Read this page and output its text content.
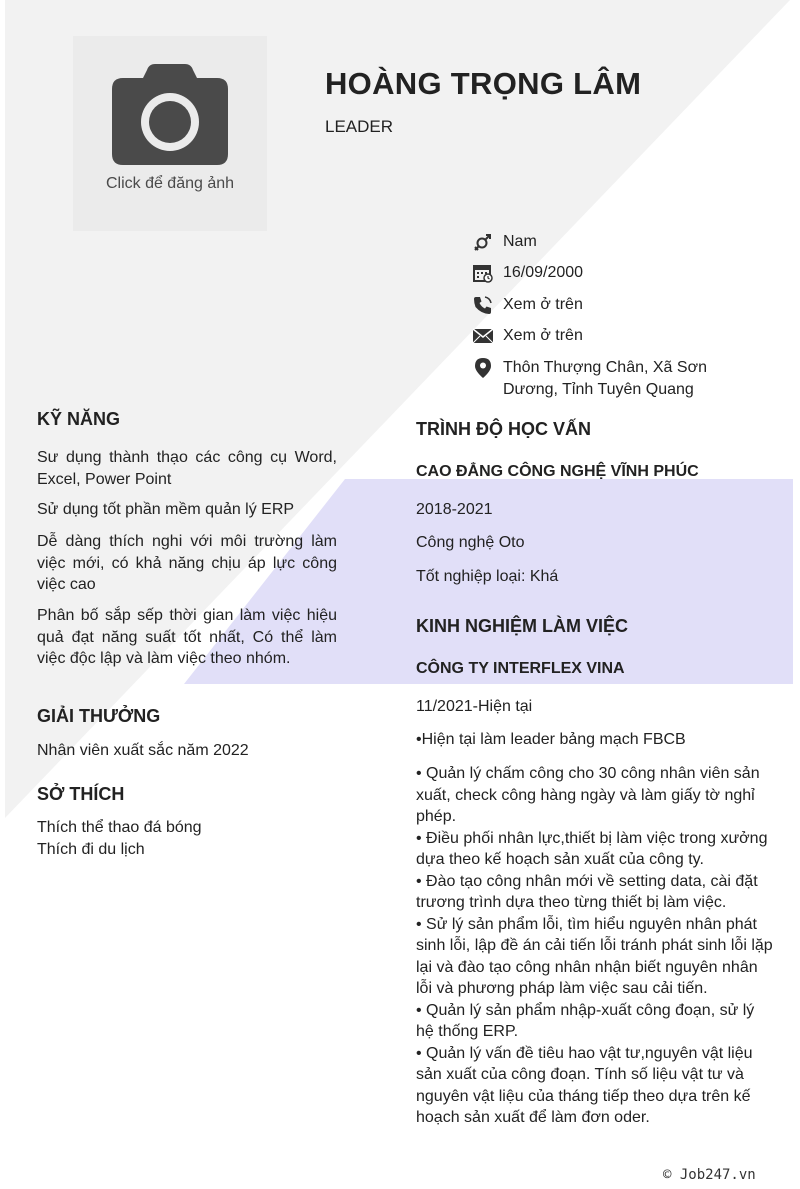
Click để đăng ảnh
HOÀNG TRỌNG LÂM
LEADER
Nam
16/09/2000
Xem ở trên
Xem ở trên
Thôn Thượng Chân, Xã Sơn Dương, Tỉnh Tuyên Quang
KỸ NĂNG
Sư dụng thành thạo các công cụ Word, Excel, Power Point
Sử dụng tốt phần mềm quản lý ERP
Dễ dàng thích nghi với môi trường làm việc mới, có khả năng chịu áp lực công việc cao
Phân bố sắp sếp thời gian làm việc hiệu quả đạt năng suất tốt nhất, Có thể làm việc độc lập và làm việc theo nhóm.
GIẢI THƯỞNG
Nhân viên xuất sắc năm 2022
SỞ THÍCH
Thích thể thao đá bóng
Thích đi du lịch
TRÌNH ĐỘ HỌC VẤN
CAO ĐẲNG CÔNG NGHỆ VĨNH PHÚC
2018-2021
Công nghệ Oto
Tốt nghiệp loại: Khá
KINH NGHIỆM LÀM VIỆC
CÔNG TY INTERFLEX VINA
11/2021-Hiện tại
•Hiện tại làm leader bảng mạch FBCB
• Quản lý chấm công cho 30 công nhân viên sản xuất, check công hàng ngày và làm giấy tờ nghỉ phép.
• Điều phối nhân lực,thiết bị làm việc trong xưởng dựa theo kế hoạch sản xuất của công ty.
• Đào tạo công nhân mới về setting data, cài đặt trương trình dựa theo từng thiết bị làm việc.
• Sử lý sản phẩm lỗi, tìm hiểu nguyên nhân phát sinh lỗi, lập đề án cải tiến lỗi tránh phát sinh lỗi lặp lại và đào tạo công nhân nhận biết nguyên nhân lỗi và phương pháp làm việc sau cải tiến.
• Quản lý sản phẩm nhập-xuất công đoạn, sử lý hệ thống ERP.
• Quản lý vấn đề tiêu hao vật tư,nguyên vật liệu sản xuất của công đoạn. Tính số liệu vật tư và nguyên vật liệu của tháng tiếp theo dựa trên kế hoạch sản xuất để làm đơn oder.
© Job247.vn
